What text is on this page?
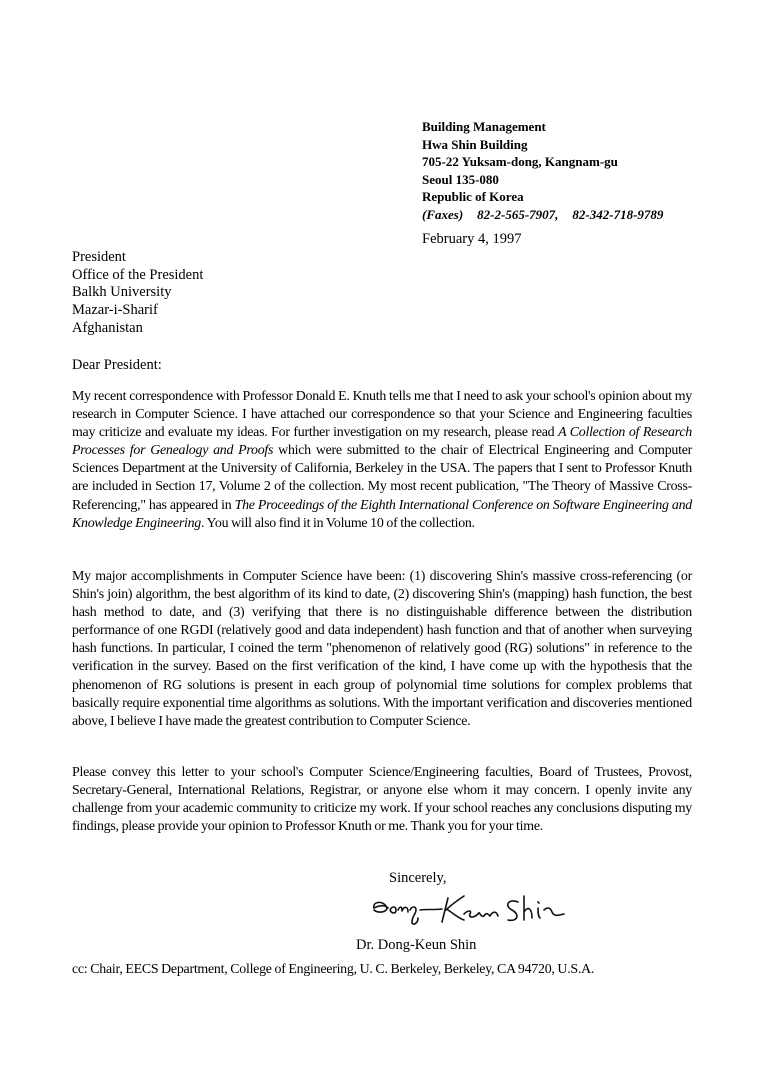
Building Management
Hwa Shin Building
705-22 Yuksam-dong, Kangnam-gu
Seoul 135-080
Republic of Korea
(Faxes) 82-2-565-7907, 82-342-718-9789
February 4, 1997
President
Office of the President
Balkh University
Mazar-i-Sharif
Afghanistan
Dear President:

My recent correspondence with Professor Donald E. Knuth tells me that I need to ask your school's opinion about my research in Computer Science. I have attached our correspondence so that your Science and Engineering faculties may criticize and evaluate my ideas. For further investigation on my research, please read A Collection of Research Processes for Genealogy and Proofs which were submitted to the chair of Electrical Engineering and Computer Sciences Department at the University of California, Berkeley in the USA. The papers that I sent to Professor Knuth are included in Section 17, Volume 2 of the collection. My most recent publication, "The Theory of Massive Cross-Referencing," has appeared in The Proceedings of the Eighth International Conference on Software Engineering and Knowledge Engineering. You will also find it in Volume 10 of the collection.

My major accomplishments in Computer Science have been: (1) discovering Shin's massive cross-referencing (or Shin's join) algorithm, the best algorithm of its kind to date, (2) discovering Shin's (mapping) hash function, the best hash method to date, and (3) verifying that there is no distinguishable difference between the distribution performance of one RGDI (relatively good and data independent) hash function and that of another when surveying hash functions. In particular, I coined the term "phenomenon of relatively good (RG) solutions" in reference to the verification in the survey. Based on the first verification of the kind, I have come up with the hypothesis that the phenomenon of RG solutions is present in each group of polynomial time solutions for complex problems that basically require exponential time algorithms as solutions. With the important verification and discoveries mentioned above, I believe I have made the greatest contribution to Computer Science.

Please convey this letter to your school's Computer Science/Engineering faculties, Board of Trustees, Provost, Secretary-General, International Relations, Registrar, or anyone else whom it may concern. I openly invite any challenge from your academic community to criticize my work. If your school reaches any conclusions disputing my findings, please provide your opinion to Professor Knuth or me. Thank you for your time.

Sincerely,
Dr. Dong-Keun Shin
cc: Chair, EECS Department, College of Engineering, U. C. Berkeley, Berkeley, CA 94720, U.S.A.
